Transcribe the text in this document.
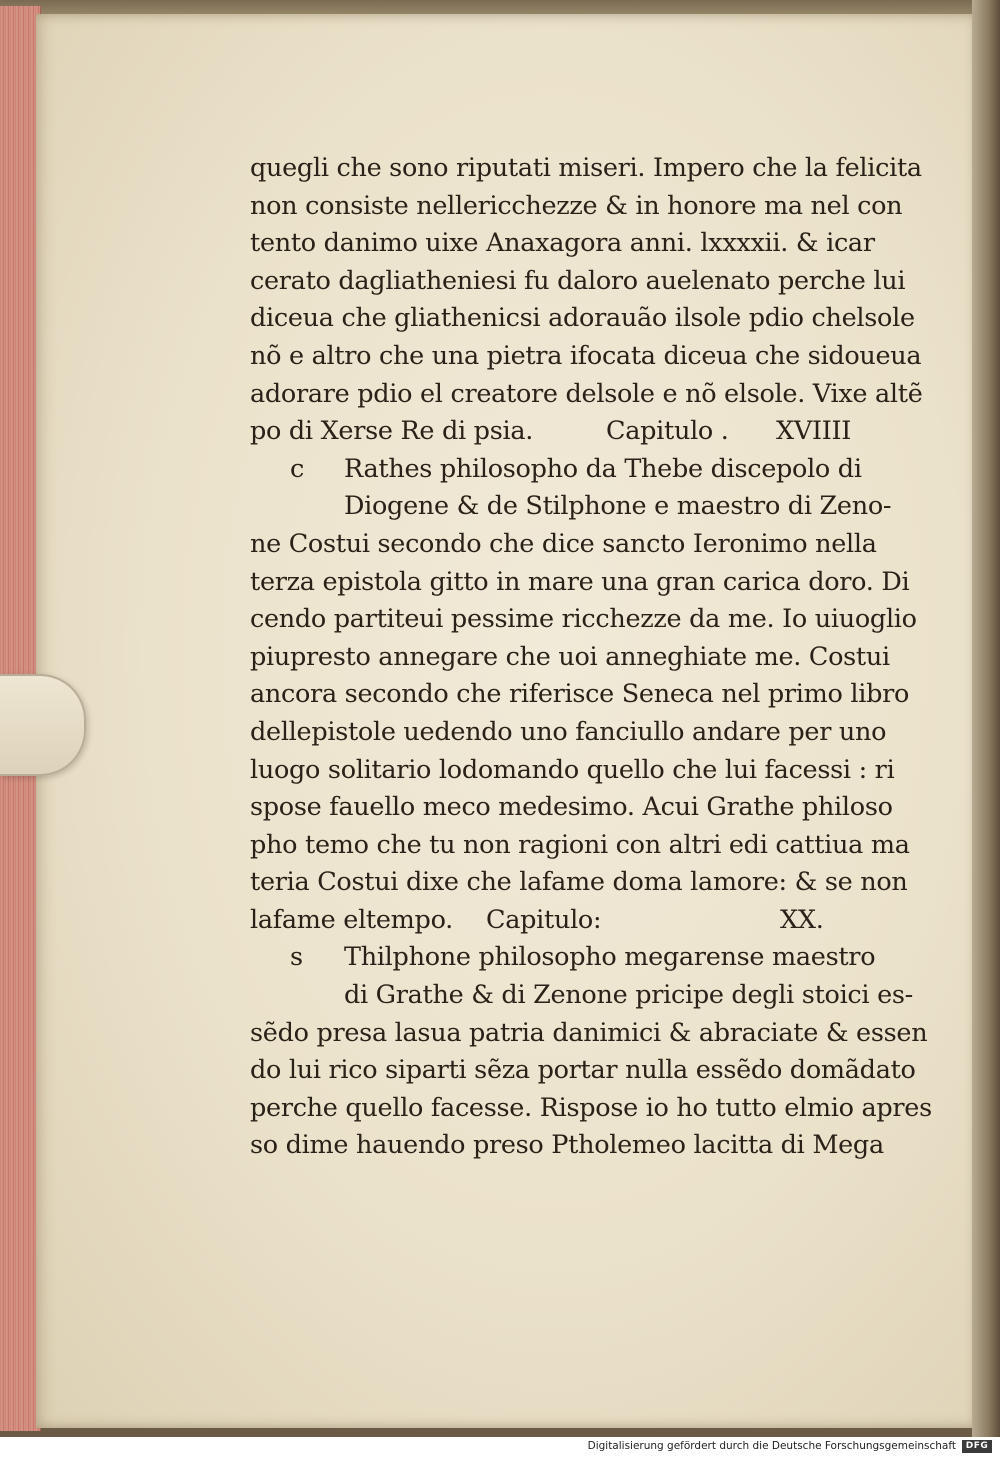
quegli che sono riputati miseri. Impero che la felicita
non consiste nellericchezze & in honore ma nel con
tento danimo uixe Anaxagora anni. lxxxxii. & icar
cerato dagliatheniesi fu daloro auelenato perche lui
diceua che gliathenicsi adorauão ilsole pdio chelsole
nõ e altro che una pietra ifocata diceua che sidoueua
adorare pdio el creatore delsole e nõ elsole. Vixe altẽ
po di Xerse Re di psia.	Capitulo . XVIIII
c Rathes philosopho da Thebe discepolo di
Diogene & de Stilphone e maestro di Zeno-
ne Costui secondo che dice sancto Ieronimo nella
terza epistola gitto in mare una gran carica doro. Di
cendo partiteui pessime ricchezze da me. Io uiuoglio
piupresto annegare che uoi anneghiate me. Costui
ancora secondo che riferisce Seneca nel primo libro
dellepistole uedendo uno fanciullo andare per uno
luogo solitario lodomando quello che lui facessi : ri
spose fauello meco medesimo. Acui Grathe philoso
pho temo che tu non ragioni con altri edi cattiua ma
teria Costui dixe che lafame doma lamore: & se non
lafame eltempo. Capitulo:	XX.
s Thilphone philosopho megarense maestro
di Grathe & di Zenone pricipe degli stoici es-
sẽdo presa lasua patria danimici & abraciate & essen
do lui rico siparti sẽza portar nulla essẽdo domãdato
perche quello facesse. Rispose io ho tutto elmio apres
so dime hauendo preso Ptholemeo lacitta di Mega
Digitalisierung gefördert durch die Deutsche Forschungsgemeinschaft	DFG
